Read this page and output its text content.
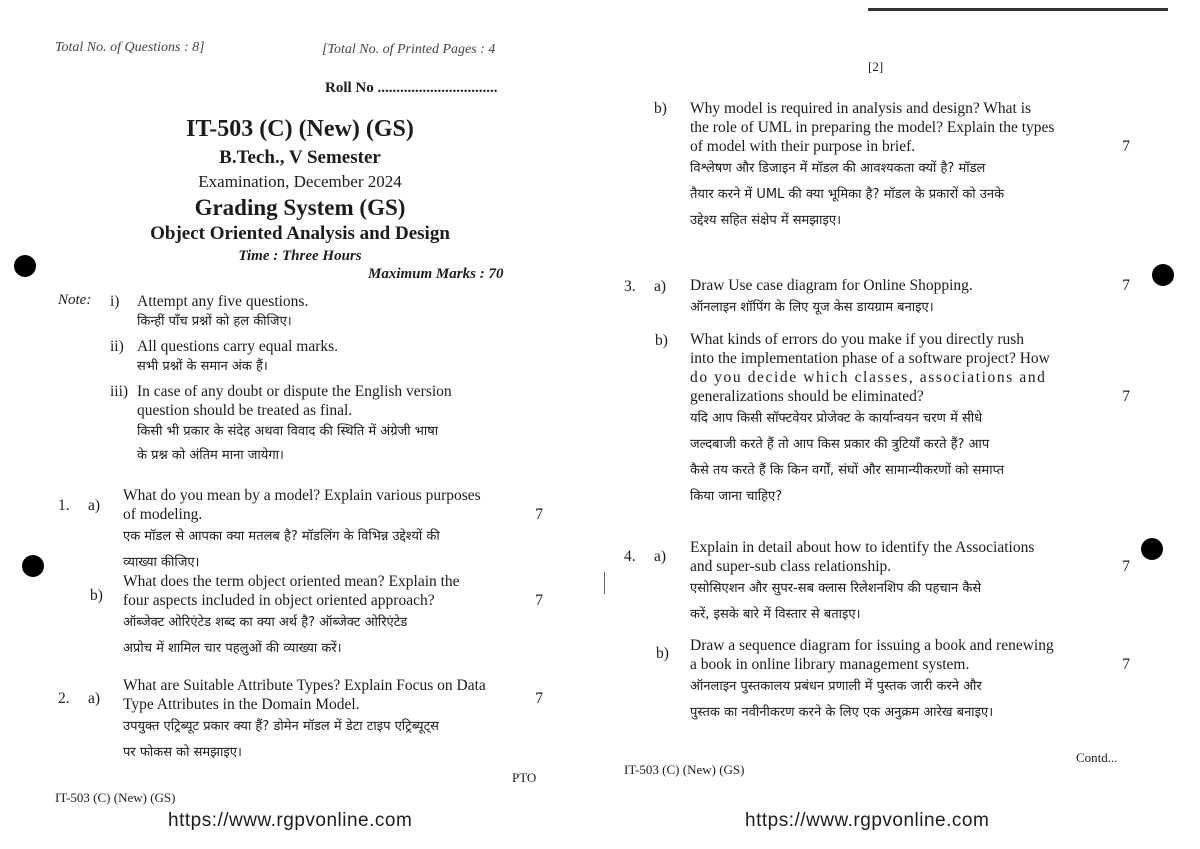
Total No. of Questions : 8]	[Total No. of Printed Pages : 4
Roll No ................................
IT-503 (C) (New) (GS)
B.Tech., V Semester
Examination, December 2024
Grading System (GS)
Object Oriented Analysis and Design
Time : Three Hours
Maximum Marks : 70
Note: i) Attempt any five questions.
किन्हीं पाँच प्रश्नों को हल कीजिए।
ii) All questions carry equal marks.
सभी प्रश्नों के समान अंक हैं।
iii) In case of any doubt or dispute the English version
question should be treated as final.
किसी भी प्रकार के संदेह अथवा विवाद की स्थिति में अंग्रेजी भाषा
के प्रश्न को अंतिम माना जायेगा।
1. a)
What do you mean by a model? Explain various purposes
of modeling.	7
एक मॉडल से आपका क्या मतलब है? मॉडलिंग के विभिन्न उद्देश्यों की
व्याख्या कीजिए।
b)
What does the term object oriented mean? Explain the
four aspects included in object oriented approach?	7
ऑब्जेक्ट ओरिएंटेड शब्द का क्या अर्थ है? ऑब्जेक्ट ओरिएंटेड
अप्रोच में शामिल चार पहलुओं की व्याख्या करें।
2. a)
What are Suitable Attribute Types? Explain Focus on Data
Type Attributes in the Domain Model.	7
उपयुक्त एट्रिब्यूट प्रकार क्या हैं? डोमेन मॉडल में डेटा टाइप एट्रिब्यूट्स
पर फोकस को समझाइए।
PTO
IT-503 (C) (New) (GS)
https://www.rgpvonline.com
[2]
b) Why model is required in analysis and design? What is
the role of UML in preparing the model? Explain the types
of model with their purpose in brief.	7
विश्लेषण और डिजाइन में मॉडल की आवश्यकता क्यों है? मॉडल
तैयार करने में UML की क्या भूमिका है? मॉडल के प्रकारों को उनके
उद्देश्य सहित संक्षेप में समझाइए।
3. a) Draw Use case diagram for Online Shopping.	7
ऑनलाइन शॉपिंग के लिए यूज केस डायग्राम बनाइए।
b) What kinds of errors do you make if you directly rush
into the implementation phase of a software project? How
do you decide which classes, associations and
generalizations should be eliminated?	7
यदि आप किसी सॉफ्टवेयर प्रोजेक्ट के कार्यान्वयन चरण में सीधे
जल्दबाजी करते हैं तो आप किस प्रकार की त्रुटियाँ करते हैं? आप
कैसे तय करते हैं कि किन वर्गों, संघों और सामान्यीकरणों को समाप्त
किया जाना चाहिए?
4. a)
Explain in detail about how to identify the Associations
and super-sub class relationship.	7
एसोसिएशन और सुपर-सब क्लास रिलेशनशिप की पहचान कैसे
करें, इसके बारे में विस्तार से बताइए।
b) Draw a sequence diagram for issuing a book and renewing
a book in online library management system.	7
ऑनलाइन पुस्तकालय प्रबंधन प्रणाली में पुस्तक जारी करने और
पुस्तक का नवीनीकरण करने के लिए एक अनुक्रम आरेख बनाइए।
Contd...
IT-503 (C) (New) (GS)
https://www.rgpvonline.com
